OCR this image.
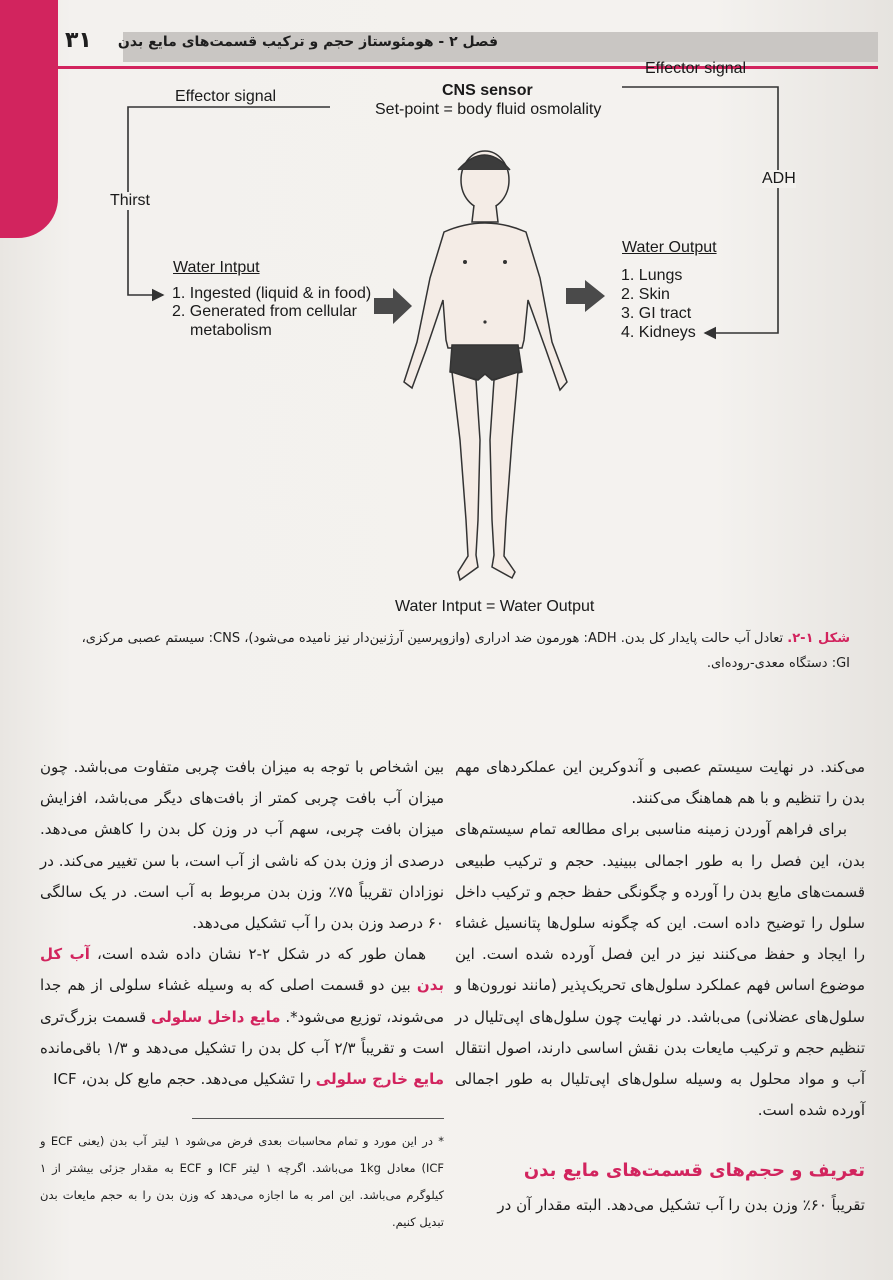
۳۱ فصل ۲ - هومئوستاز حجم و ترکیب قسمت‌های مایع بدن
CNS sensor
Set-point = body fluid osmolality
Effector signal
Effector signal
Thirst
ADH
Water Intput
1. Ingested (liquid & in food)
2. Generated from cellular
metabolism
Water Output
1. Lungs
2. Skin
3. GI tract
4. Kidneys
Water Intput = Water Output
شکل ۱-۲. تعادل آب حالت پایدار کل بدن. ADH: هورمون ضد ادراری (وازوپرسین آرژنین‌دار نیز نامیده می‌شود)، CNS: سیستم عصبی مرکزی، GI: دستگاه معدی-روده‌ای.

می‌کند. در نهایت سیستم عصبی و آندوکرین این عملکردهای مهم بدن را تنظیم و با هم هماهنگ می‌کنند.

برای فراهم آوردن زمینه مناسبی برای مطالعه تمام سیستم‌های بدن، این فصل را به طور اجمالی ببینید. حجم و ترکیب طبیعی قسمت‌های مایع بدن را آورده و چگونگی حفظ حجم و ترکیب داخل سلول را توضیح داده است. این که چگونه سلول‌ها پتانسیل غشاء را ایجاد و حفظ می‌کنند نیز در این فصل آورده شده است. این موضوع اساس فهم عملکرد سلول‌های تحریک‌پذیر (مانند نورون‌ها و سلول‌های عضلانی) می‌باشد. در نهایت چون سلول‌های اپی‌تلیال در تنظیم حجم و ترکیب مایعات بدن نقش اساسی دارند، اصول انتقال آب و مواد محلول به وسیله سلول‌های اپی‌تلیال به طور اجمالی آورده شده است.

تعریف و حجم‌های قسمت‌های مایع بدن
تقریباً ۶۰٪ وزن بدن را آب تشکیل می‌دهد. البته مقدار آن در

بین اشخاص با توجه به میزان بافت چربی متفاوت می‌باشد. چون میزان آب بافت چربی کمتر از بافت‌های دیگر می‌باشد، افزایش میزان بافت چربی، سهم آب در وزن کل بدن را کاهش می‌دهد. درصدی از وزن بدن که ناشی از آب است، با سن تغییر می‌کند. در نوزادان تقریباً ۷۵٪ وزن بدن مربوط به آب است. در یک سالگی ۶۰ درصد وزن بدن را آب تشکیل می‌دهد.

همان طور که در شکل ۲-۲ نشان داده شده است، آب کل بدن بین دو قسمت اصلی که به وسیله غشاء سلولی از هم جدا می‌شوند، توزیع می‌شود*. مایع داخل سلولی قسمت بزرگ‌تری است و تقریباً ۲/۳ آب کل بدن را تشکیل می‌دهد و ۱/۳ باقی‌مانده مایع خارج سلولی را تشکیل می‌دهد. حجم مایع کل بدن، ICF

* در این مورد و تمام محاسبات بعدی فرض می‌شود ۱ لیتر آب بدن (یعنی ECF و ICF) معادل 1kg می‌باشد. اگرچه ۱ لیتر ICF و ECF به مقدار جزئی بیشتر از ۱ کیلوگرم می‌باشد. این امر به ما اجازه می‌دهد که وزن بدن را به حجم مایعات بدن تبدیل کنیم.
